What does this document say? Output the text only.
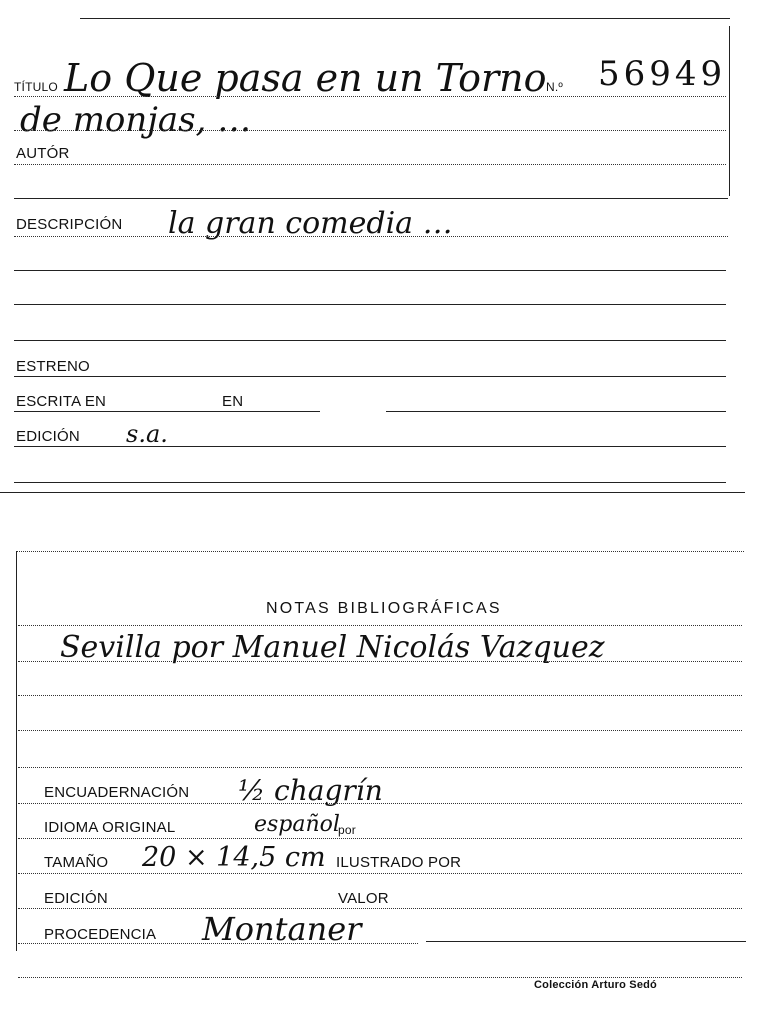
TÍTULO Lo Que pasa en un Torno N.º 56949
de monjas, …
AUTÓR
DESCRIPCIÓN la gran comedia …
ESTRENO
ESCRITA EN	EN
EDICIÓN s.a.
NOTAS BIBLIOGRÁFICAS
Sevilla por Manuel Nicolás Vazquez
ENCUADERNACIÓN ½ chagrín
IDIOMA ORIGINAL	español
por
TAMAÑO 20 × 14,5 cm ILUSTRADO POR
EDICIÓN	VALOR
PROCEDENCIA Montaner
Colección Arturo Sedó
